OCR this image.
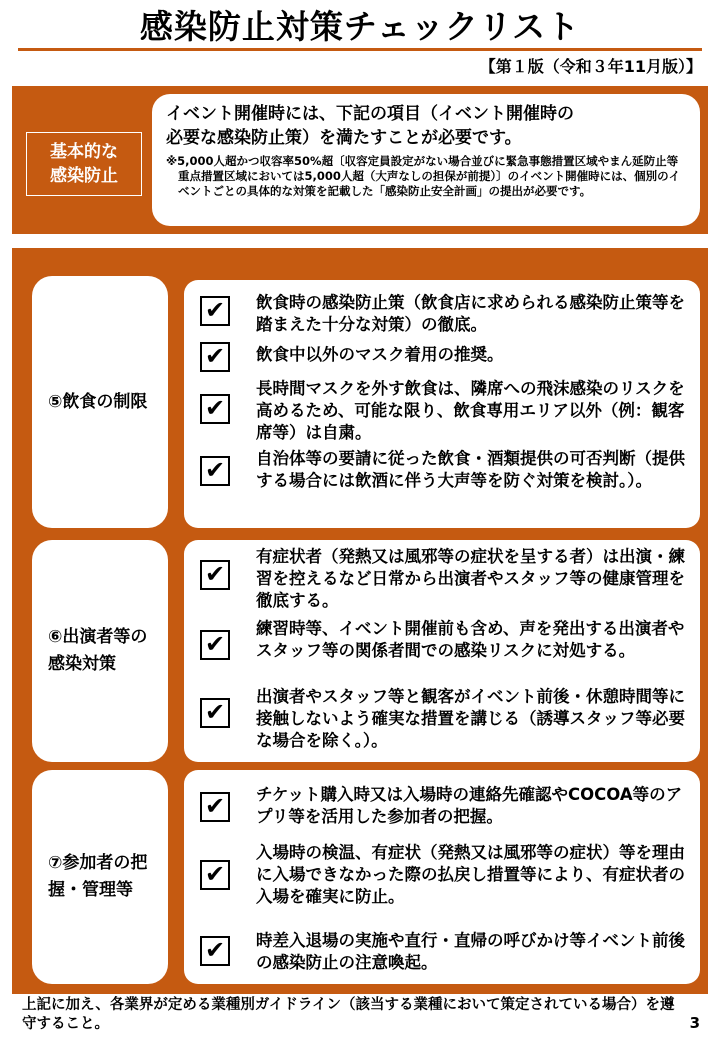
感染防止対策チェックリスト
【第１版（令和３年11月版）】
基本的な
感染防止
イベント開催時には、下記の項目（イベント開催時の
必要な感染防止策）を満たすことが必要です。
※5,000人超かつ収容率50%超〔収容定員設定がない場合並びに緊急事態措置区域やまん延防止等重点措置区域においては5,000人超（大声なしの担保が前提）〕のイベント開催時には、個別のイベントごとの具体的な対策を記載した「感染防止安全計画」の提出が必要です。
⑤飲食の制限
✔	飲食時の感染防止策（飲食店に求められる感染防止策等を踏まえた十分な対策）の徹底。
✔	飲食中以外のマスク着用の推奨。
✔
長時間マスクを外す飲食は、隣席への飛沫感染のリスクを高めるため、可能な限り、飲食専用エリア以外（例：観客席等）は自粛。
✔	自治体等の要請に従った飲食・酒類提供の可否判断（提供する場合には飲酒に伴う大声等を防ぐ対策を検討。）。
⑥出演者等の感染対策
✔
有症状者（発熱又は風邪等の症状を呈する者）は出演・練習を控えるなど日常から出演者やスタッフ等の健康管理を徹底する。
✔
練習時等、イベント開催前も含め、声を発出する出演者やスタッフ等の関係者間での感染リスクに対処する。
✔
出演者やスタッフ等と観客がイベント前後・休憩時間等に接触しないよう確実な措置を講じる（誘導スタッフ等必要な場合を除く。）。
⑦参加者の把握・管理等
✔	チケット購入時又は入場時の連絡先確認やCOCOA等のアプリ等を活用した参加者の把握。
✔
入場時の検温、有症状（発熱又は風邪等の症状）等を理由に入場できなかった際の払戻し措置等により、有症状者の入場を確実に防止。
✔	時差入退場の実施や直行・直帰の呼びかけ等イベント前後の感染防止の注意喚起。
上記に加え、各業界が定める業種別ガイドライン（該当する業種において策定されている場合）を遵守すること。	3
